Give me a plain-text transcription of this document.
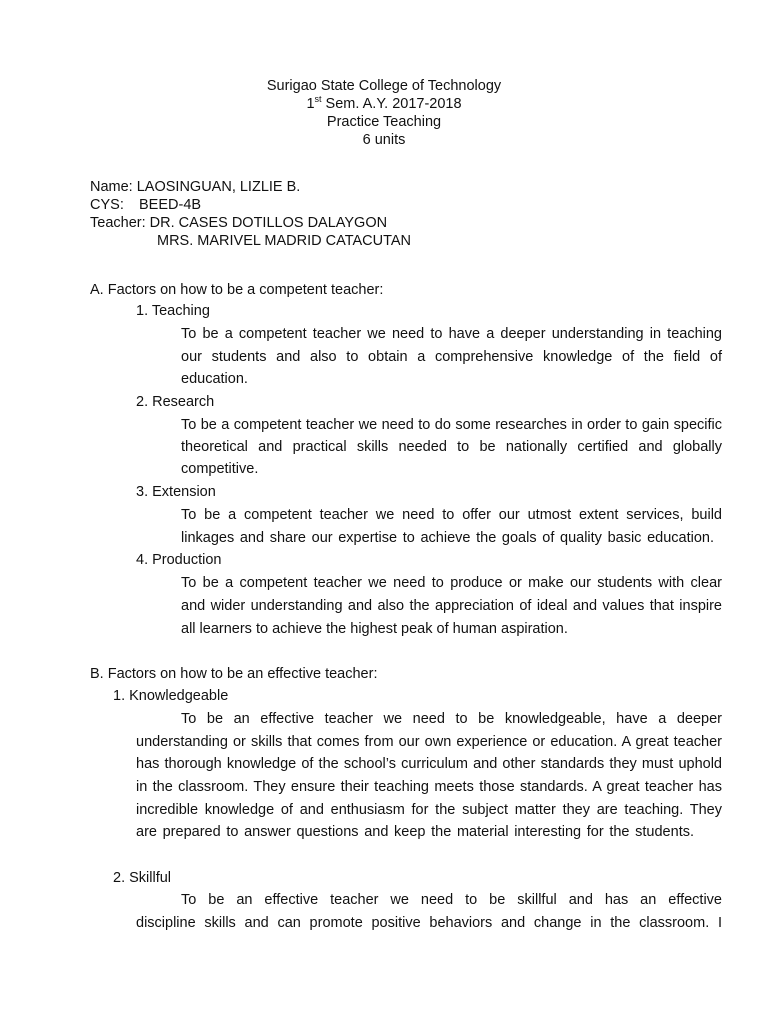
Surigao State College of Technology
1st Sem. A.Y. 2017-2018
Practice Teaching
6 units
Name: LAOSINGUAN, LIZLIE B.
CYS: BEED-4B
Teacher: DR. CASES DOTILLOS DALAYGON
MRS. MARIVEL MADRID CATACUTAN
A. Factors on how to be a competent teacher:
1. Teaching
To be a competent teacher we need to have a deeper understanding in teaching
our students and also to obtain a comprehensive knowledge of the field of
education.
2. Research
To be a competent teacher we need to do some researches in order to gain specific
theoretical and practical skills needed to be nationally certified and globally
competitive.
3. Extension
To be a competent teacher we need to offer our utmost extent services, build
linkages and share our expertise to achieve the goals of quality basic education.
4. Production
To be a competent teacher we need to produce or make our students with clear
and wider understanding and also the appreciation of ideal and values that inspire
all learners to achieve the highest peak of human aspiration.
B. Factors on how to be an effective teacher:
1. Knowledgeable
To be an effective teacher we need to be knowledgeable, have a deeper
understanding or skills that comes from our own experience or education. A great teacher
has thorough knowledge of the school’s curriculum and other standards they must uphold
in the classroom. They ensure their teaching meets those standards. A great teacher has
incredible knowledge of and enthusiasm for the subject matter they are teaching. They
are prepared to answer questions and keep the material interesting for the students.
2. Skillful
To be an effective teacher we need to be skillful and has an effective
discipline skills and can promote positive behaviors and change in the classroom. I
